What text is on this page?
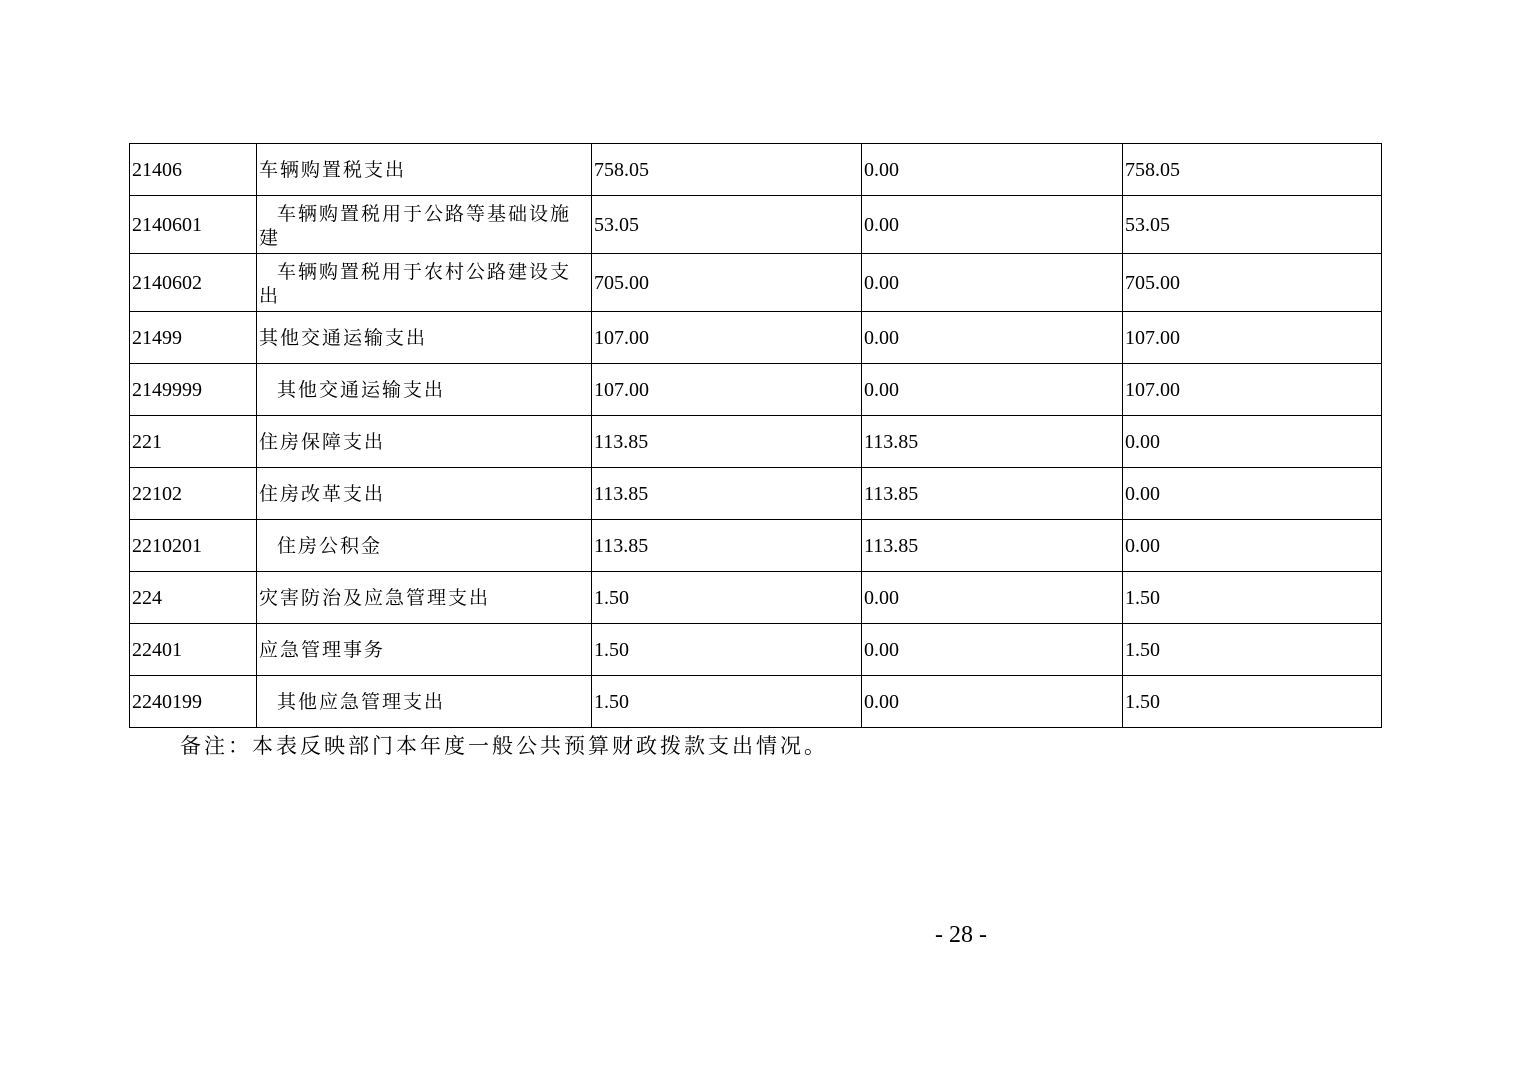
21406	车辆购置税支出	758.05	0.00	758.05
2140601	车辆购置税用于公路等基础设施建	53.05	0.00	53.05
2140602	车辆购置税用于农村公路建设支出	705.00	0.00	705.00
21499	其他交通运输支出	107.00	0.00	107.00
2149999	其他交通运输支出	107.00	0.00	107.00
221	住房保障支出	113.85	113.85	0.00
22102	住房改革支出	113.85	113.85	0.00
2210201	住房公积金	113.85	113.85	0.00
224	灾害防治及应急管理支出	1.50	0.00	1.50
22401	应急管理事务	1.50	0.00	1.50
2240199	其他应急管理支出	1.50	0.00	1.50
备注：本表反映部门本年度一般公共预算财政拨款支出情况。
- 28 -
